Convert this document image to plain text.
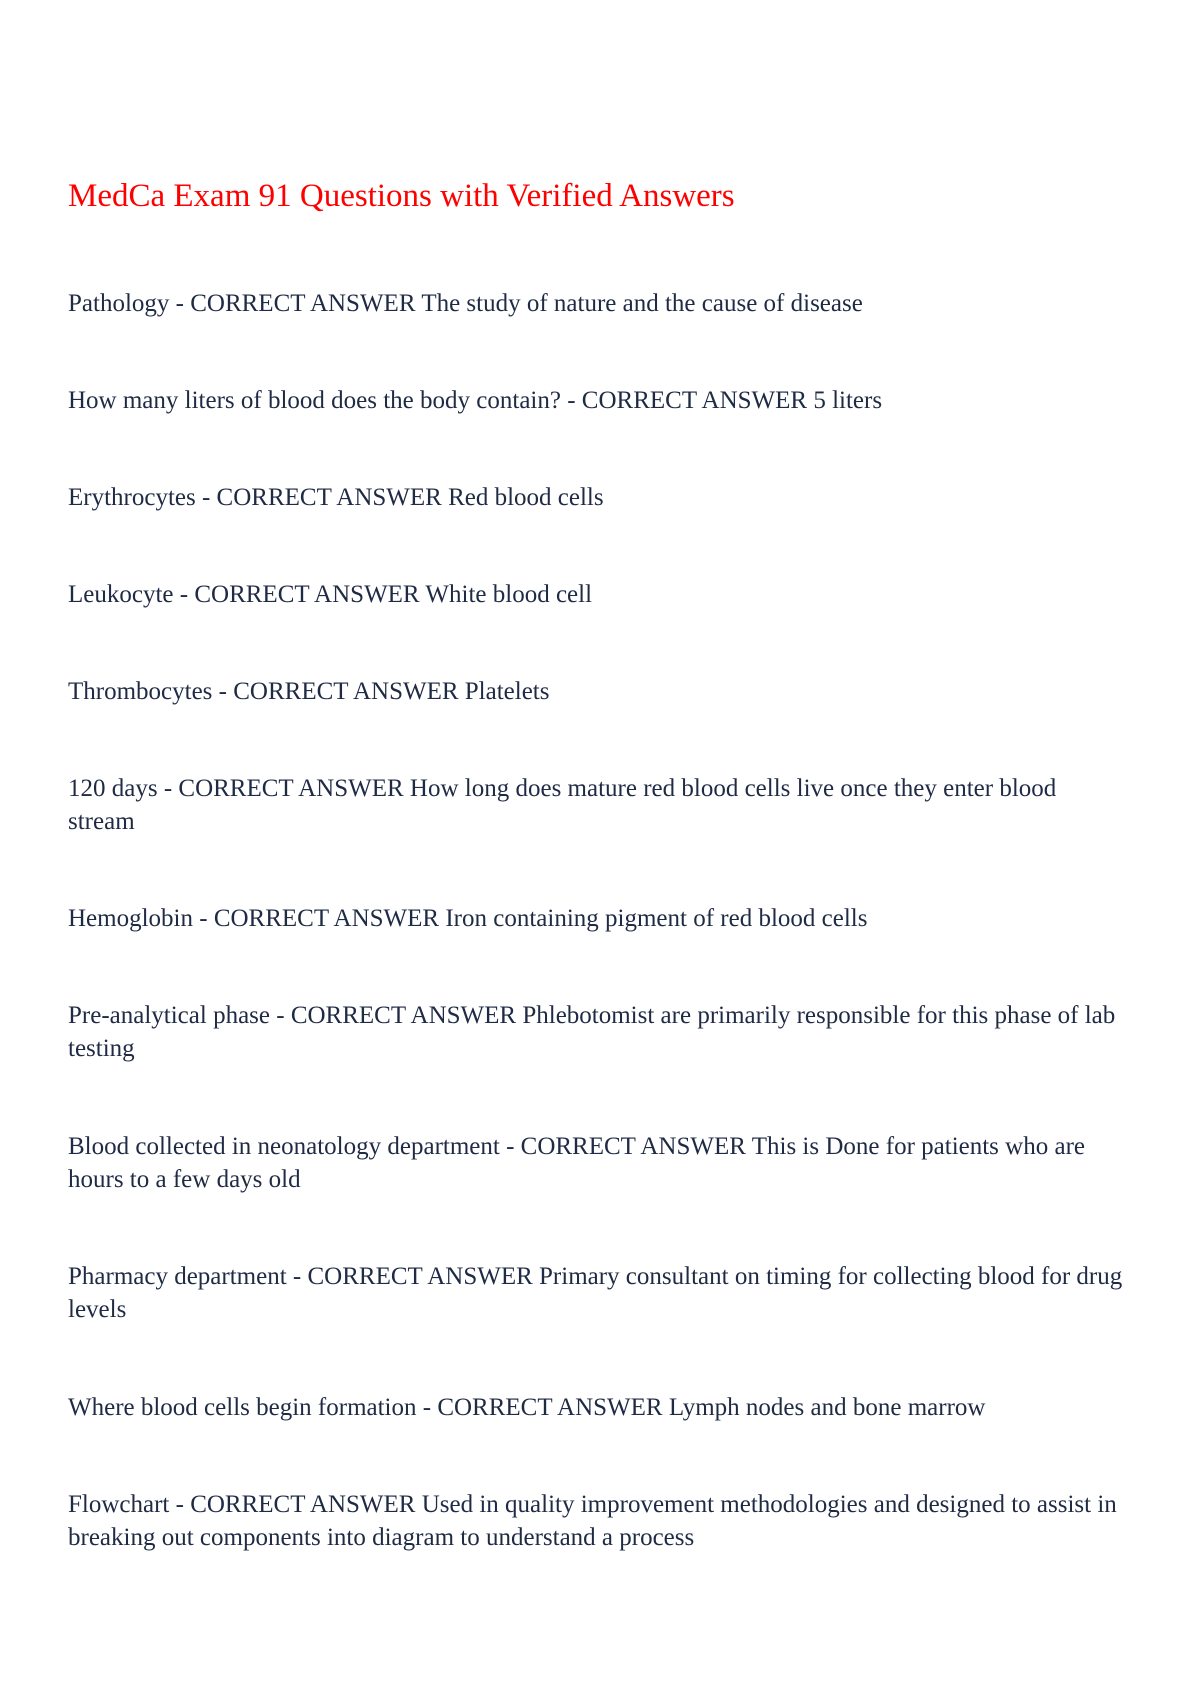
MedCa Exam 91 Questions with Verified Answers

Pathology - CORRECT ANSWER The study of nature and the cause of disease

How many liters of blood does the body contain? - CORRECT ANSWER 5 liters

Erythrocytes - CORRECT ANSWER Red blood cells

Leukocyte - CORRECT ANSWER White blood cell

Thrombocytes - CORRECT ANSWER Platelets

120 days - CORRECT ANSWER How long does mature red blood cells live once they enter blood stream

Hemoglobin - CORRECT ANSWER Iron containing pigment of red blood cells

Pre-analytical phase - CORRECT ANSWER Phlebotomist are primarily responsible for this phase of lab testing

Blood collected in neonatology department - CORRECT ANSWER This is Done for patients who are hours to a few days old

Pharmacy department - CORRECT ANSWER Primary consultant on timing for collecting blood for drug levels

Where blood cells begin formation - CORRECT ANSWER Lymph nodes and bone marrow

Flowchart - CORRECT ANSWER Used in quality improvement methodologies and designed to assist in breaking out components into diagram to understand a process
